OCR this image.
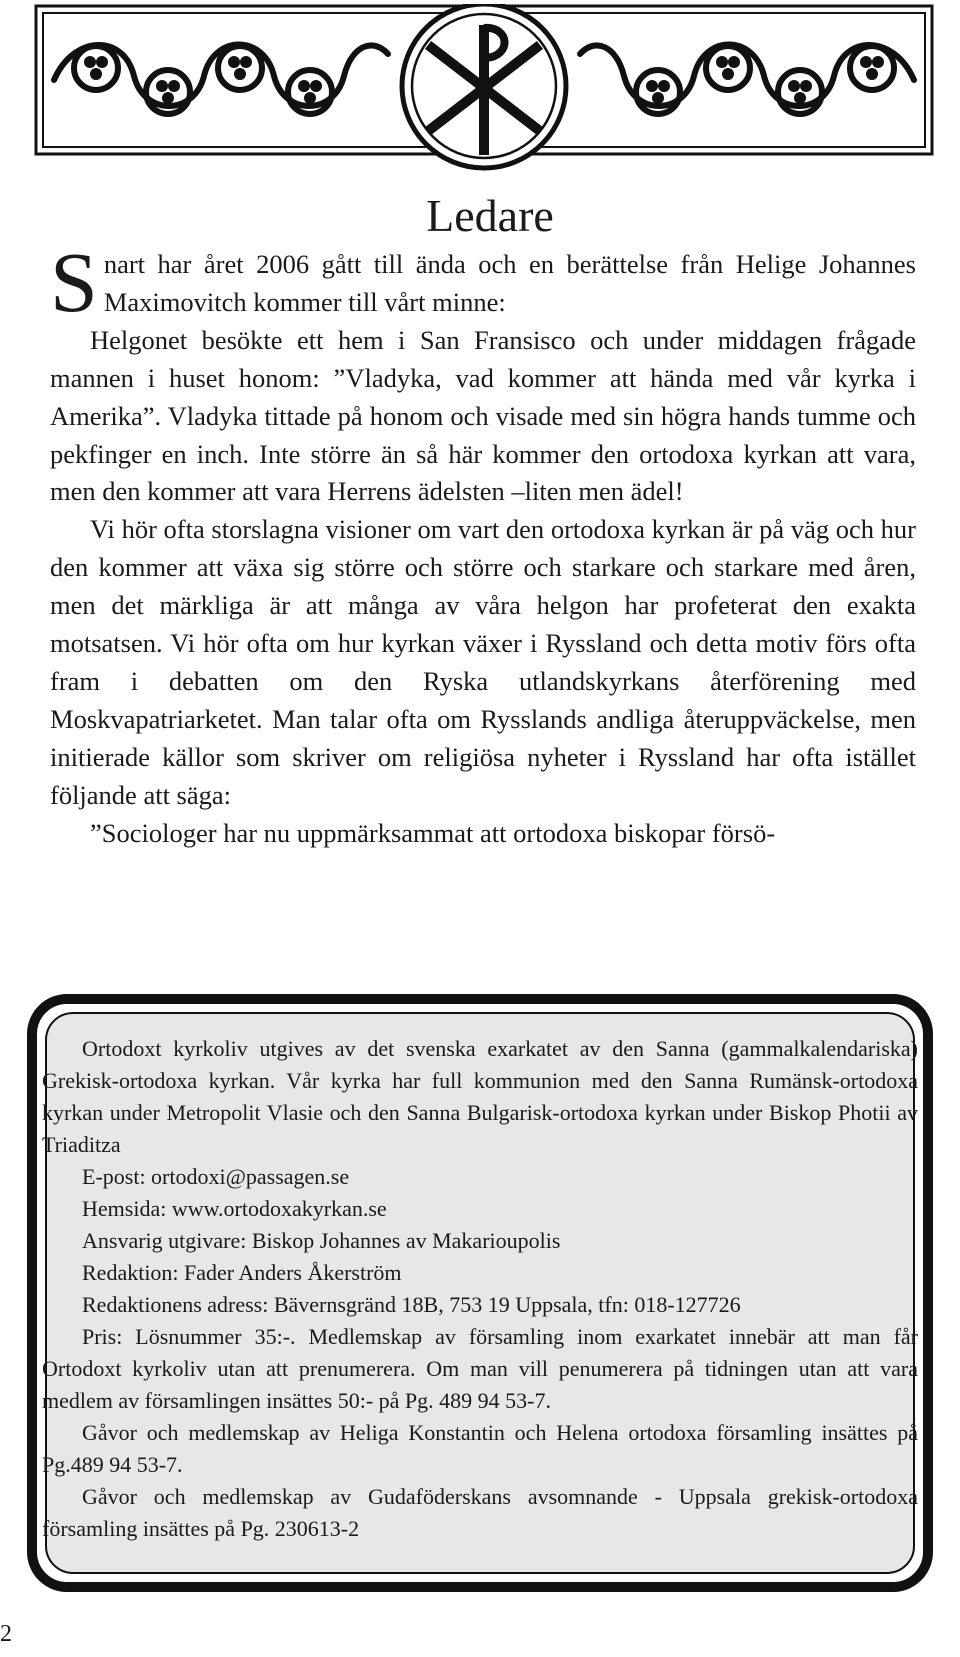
Ledare

Snart har året 2006 gått till ända och en berättelse från Helige Johannes Maximovitch kommer till vårt minne:

Helgonet besökte ett hem i San Fransisco och under middagen frågade mannen i huset honom: ”Vladyka, vad kommer att hända med vår kyrka i Amerika”. Vladyka tittade på honom och visade med sin högra hands tumme och pekfinger en inch. Inte större än så här kommer den ortodoxa kyrkan att vara, men den kommer att vara Herrens ädelsten –liten men ädel!

Vi hör ofta storslagna visioner om vart den ortodoxa kyrkan är på väg och hur den kommer att växa sig större och större och starkare och starkare med åren, men det märkliga är att många av våra helgon har profeterat den exakta motsatsen. Vi hör ofta om hur kyrkan växer i Ryssland och detta motiv förs ofta fram i debatten om den Ryska utlandskyrkans återförening med Moskvapatriarketet. Man talar ofta om Rysslands andliga återuppväckelse, men initierade källor som skriver om religiösa nyheter i Ryssland har ofta istället följande att säga:

”Sociologer har nu uppmärksammat att ortodoxa biskopar försö-

Ortodoxt kyrkoliv utgives av det svenska exarkatet av den Sanna (gammalkalendariska) Grekisk-ortodoxa kyrkan. Vår kyrka har full kommunion med den Sanna Rumänsk-ortodoxa kyrkan under Metropolit Vlasie och den Sanna Bulgarisk-ortodoxa kyrkan under Biskop Photii av Triaditza

E-post: ortodoxi@passagen.se

Hemsida: www.ortodoxakyrkan.se

Ansvarig utgivare: Biskop Johannes av Makarioupolis

Redaktion: Fader Anders Åkerström

Redaktionens adress: Bävernsgränd 18B, 753 19 Uppsala, tfn: 018-127726

Pris: Lösnummer 35:-. Medlemskap av församling inom exarkatet innebär att man får Ortodoxt kyrkoliv utan att prenumerera. Om man vill penumerera på tidningen utan att vara medlem av församlingen insättes 50:- på Pg. 489 94 53-7.

Gåvor och medlemskap av Heliga Konstantin och Helena ortodoxa församling insättes på Pg.489 94 53-7.

Gåvor och medlemskap av Gudaföderskans avsomnande - Uppsala grekisk-ortodoxa församling insättes på Pg. 230613-2

2
